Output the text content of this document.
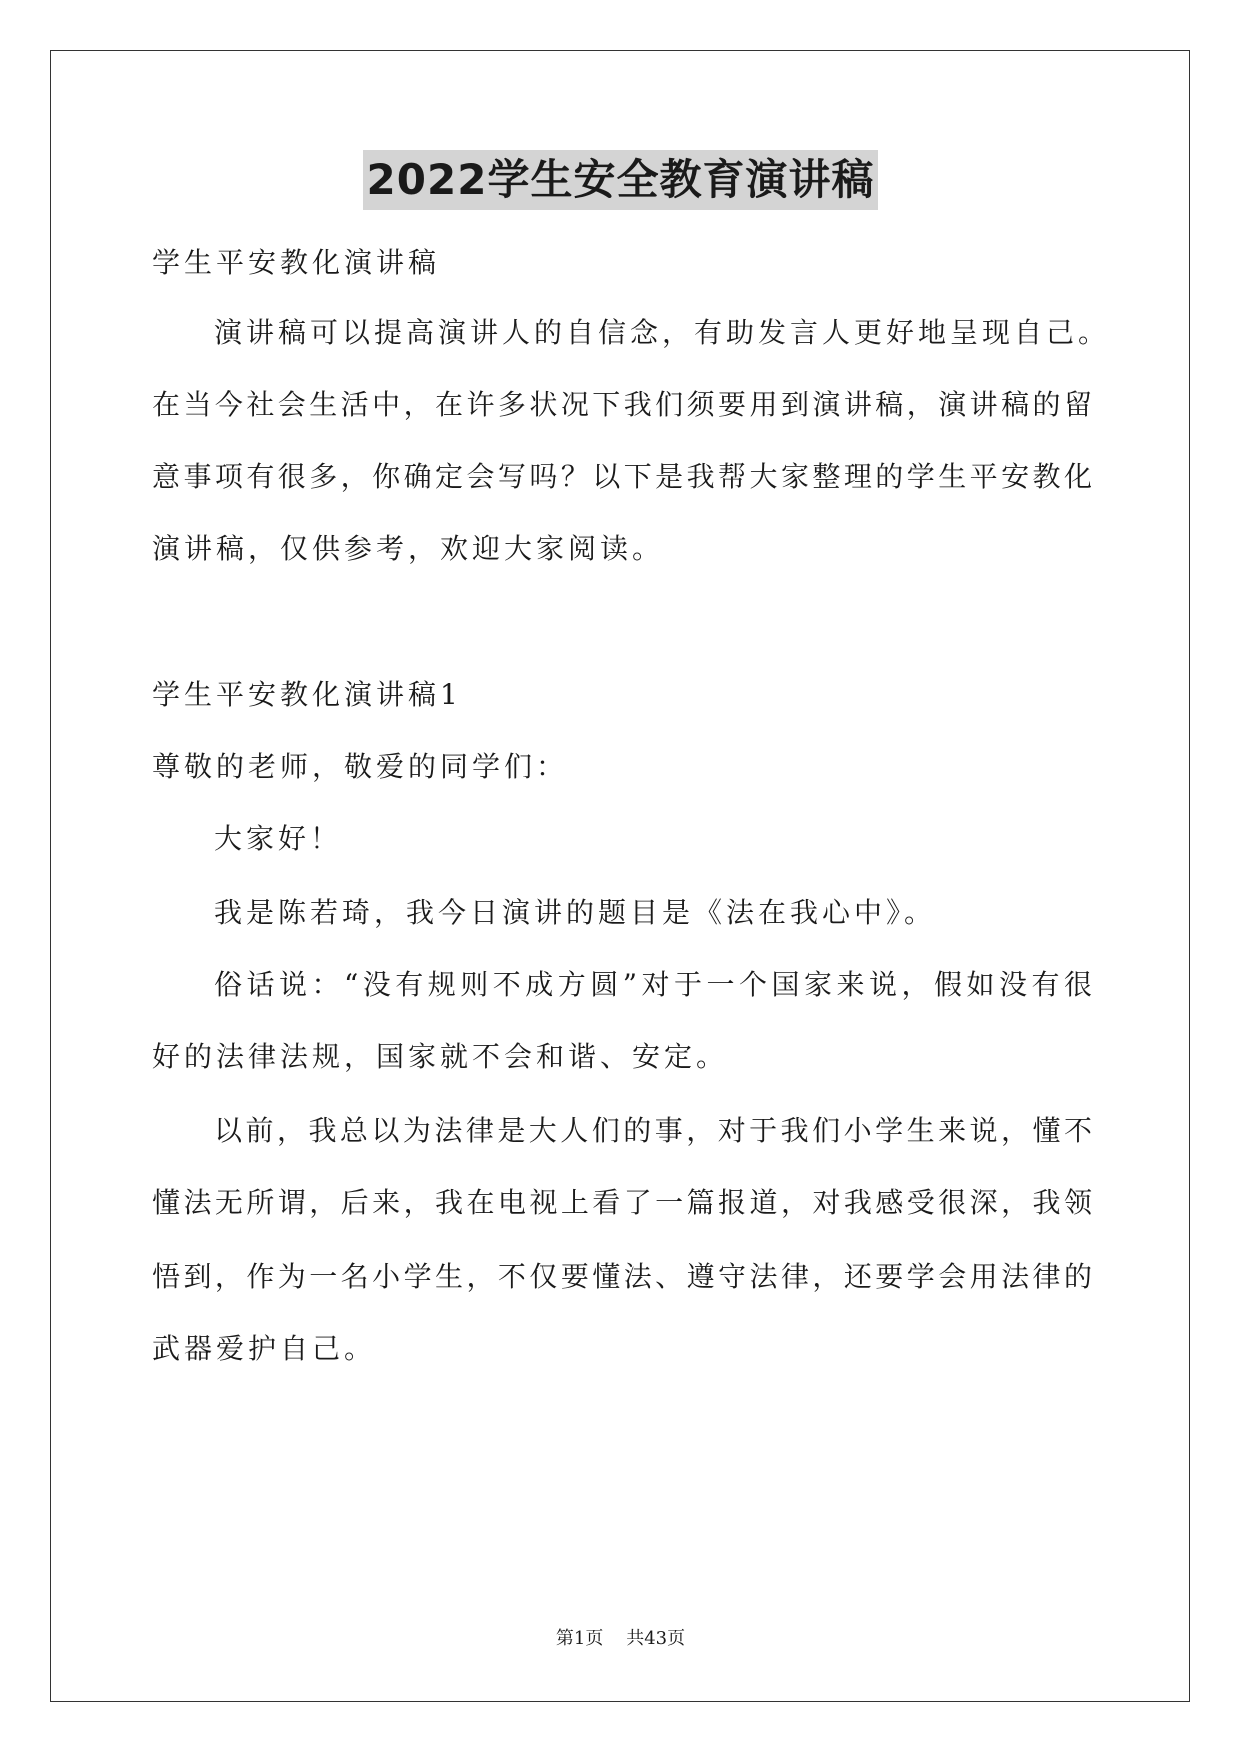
2022学生安全教育演讲稿
学生平安教化演讲稿
演讲稿可以提高演讲人的自信念，有助发言人更好地呈现自己。
在当今社会生活中，在许多状况下我们须要用到演讲稿，演讲稿的留
意事项有很多，你确定会写吗？以下是我帮大家整理的学生平安教化
演讲稿，仅供参考，欢迎大家阅读。
学生平安教化演讲稿1
尊敬的老师，敬爱的同学们：
大家好！
我是陈若琦，我今日演讲的题目是《法在我心中》。
俗话说：“没有规则不成方圆”对于一个国家来说，假如没有很
好的法律法规，国家就不会和谐、安定。
以前，我总以为法律是大人们的事，对于我们小学生来说，懂不
懂法无所谓，后来，我在电视上看了一篇报道，对我感受很深，我领
悟到，作为一名小学生，不仅要懂法、遵守法律，还要学会用法律的
武器爱护自己。
第1页 共43页
